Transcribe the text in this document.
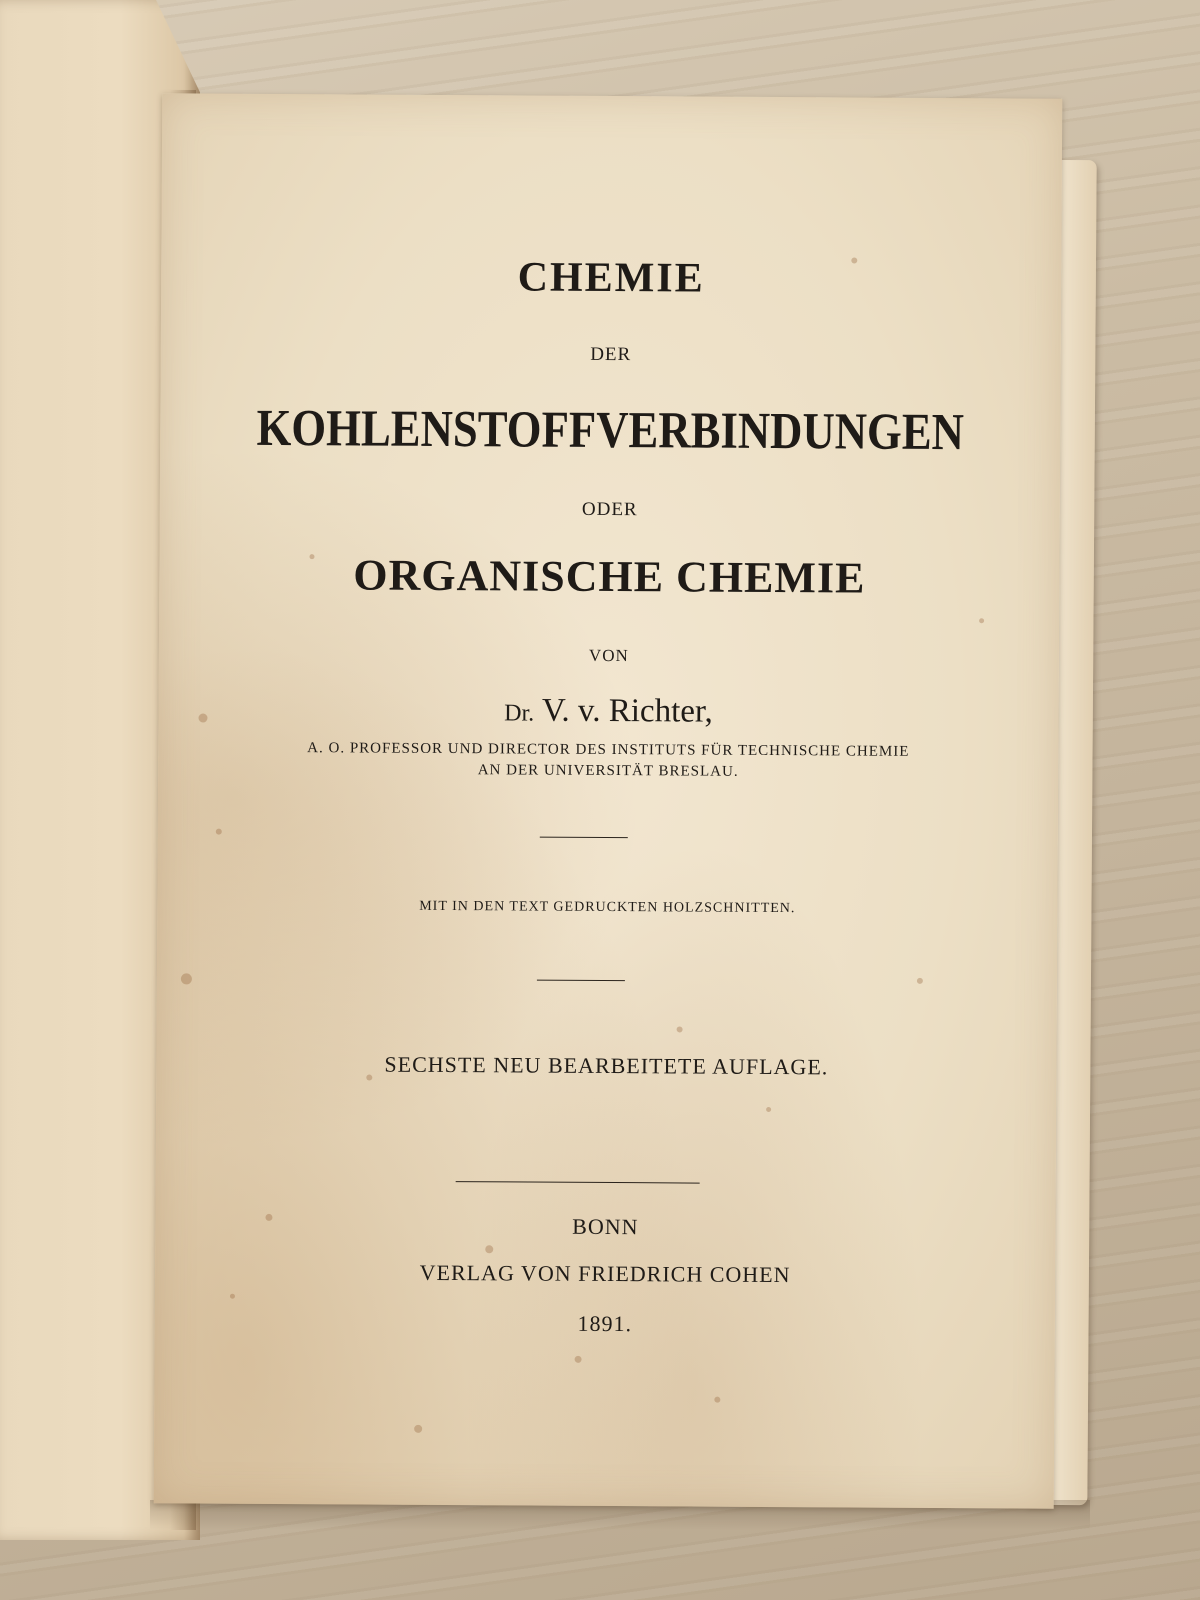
CHEMIE
DER
KOHLENSTOFFVERBINDUNGEN
ODER
ORGANISCHE CHEMIE
VON
Dr. V. v. Richter,
A. O. PROFESSOR UND DIRECTOR DES INSTITUTS FÜR TECHNISCHE CHEMIE
AN DER UNIVERSITÄT BRESLAU.
MIT IN DEN TEXT GEDRUCKTEN HOLZSCHNITTEN.
SECHSTE NEU BEARBEITETE AUFLAGE.
BONN
VERLAG VON FRIEDRICH COHEN
1891.
